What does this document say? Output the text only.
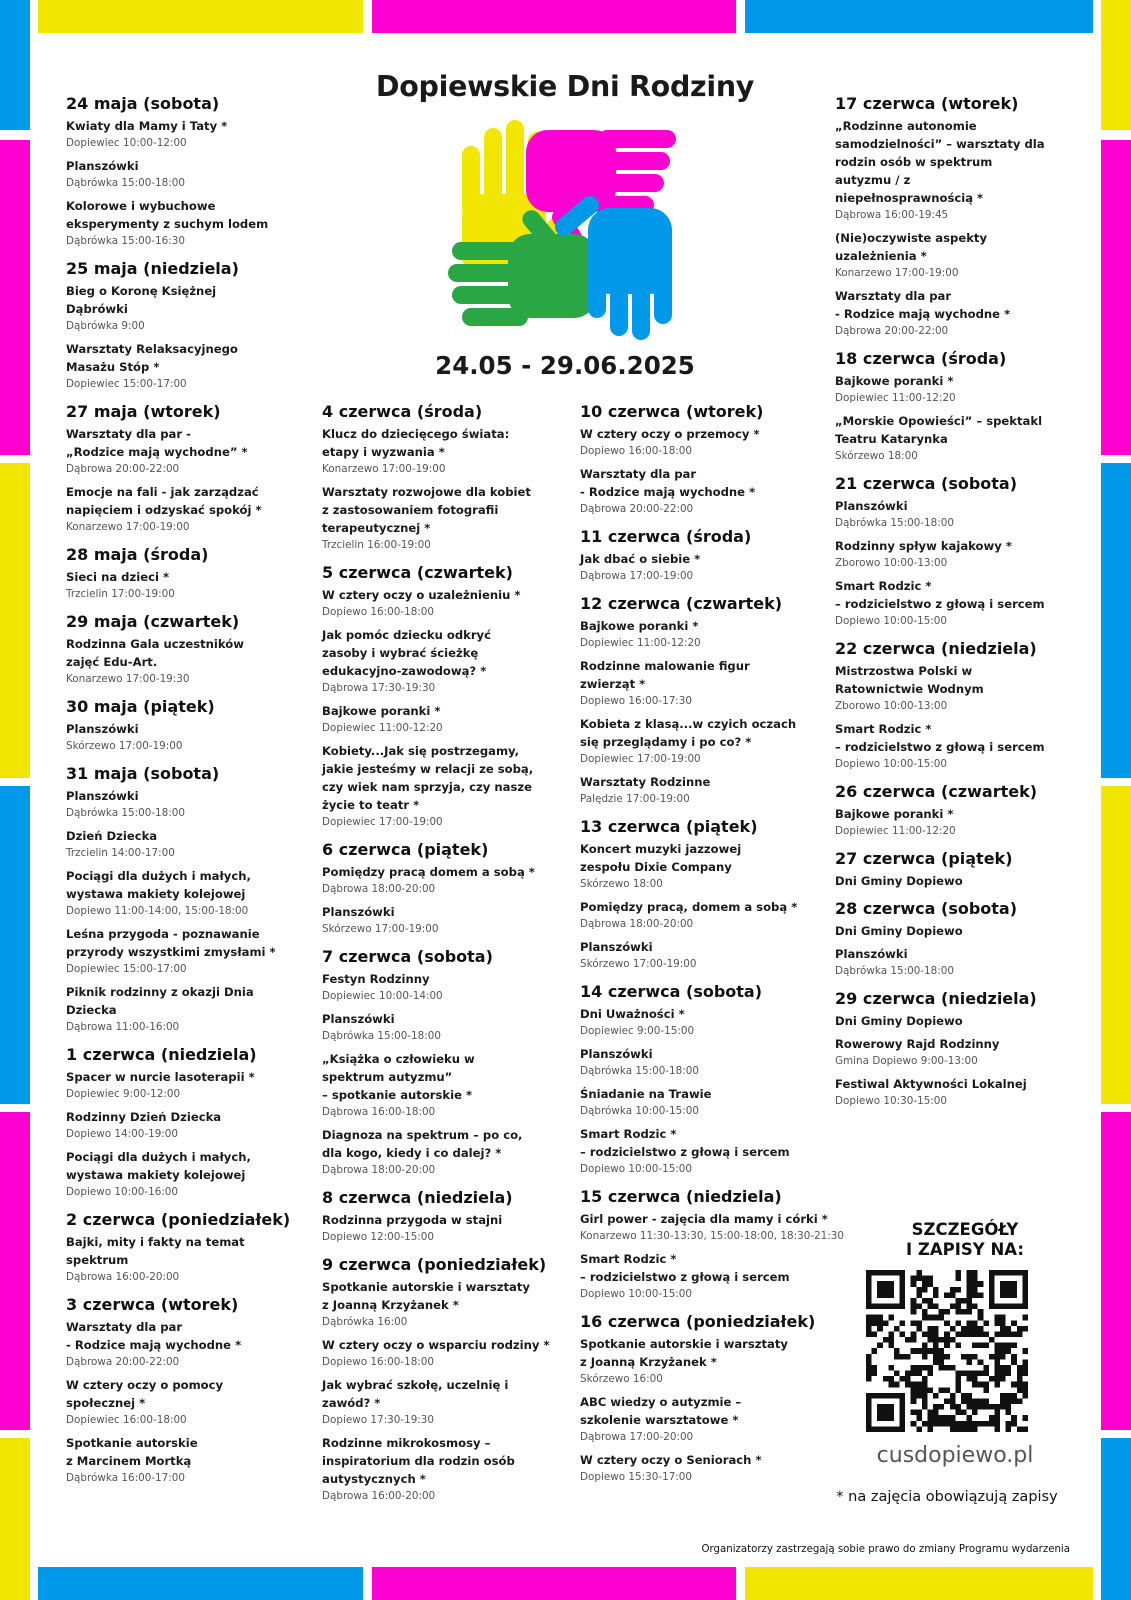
Dopiewskie Dni Rodziny
24.05 - 29.06.2025
24 maja (sobota)
Kwiaty dla Mamy i Taty *
Dopiewiec 10:00-12:00
Planszówki
Dąbrówka 15:00-18:00
Kolorowe i wybuchowe
eksperymenty z suchym lodem
Dąbrówka 15:00-16:30
25 maja (niedziela)
Bieg o Koronę Księżnej
Dąbrówki
Dąbrówka 9:00
Warsztaty Relaksacyjnego
Masażu Stóp *
Dopiewiec 15:00-17:00
27 maja (wtorek)
Warsztaty dla par -
„Rodzice mają wychodne” *
Dąbrowa 20:00-22:00
Emocje na fali - jak zarządzać
napięciem i odzyskać spokój *
Konarzewo 17:00-19:00
28 maja (środa)
Sieci na dzieci *
Trzcielin 17:00-19:00
29 maja (czwartek)
Rodzinna Gala uczestników
zajęć Edu-Art.
Konarzewo 17:00-19:30
30 maja (piątek)
Planszówki
Skórzewo 17:00-19:00
31 maja (sobota)
Planszówki
Dąbrówka 15:00-18:00
Dzień Dziecka
Trzcielin 14:00-17:00
Pociągi dla dużych i małych,
wystawa makiety kolejowej
Dopiewo 11:00-14:00, 15:00-18:00
Leśna przygoda - poznawanie
przyrody wszystkimi zmysłami *
Dopiewiec 15:00-17:00
Piknik rodzinny z okazji Dnia
Dziecka
Dąbrowa 11:00-16:00
1 czerwca (niedziela)
Spacer w nurcie lasoterapii *
Dopiewiec 9:00-12:00
Rodzinny Dzień Dziecka
Dopiewo 14:00-19:00
Pociągi dla dużych i małych,
wystawa makiety kolejowej
Dopiewo 10:00-16:00
2 czerwca (poniedziałek)
Bajki, mity i fakty na temat
spektrum
Dąbrowa 16:00-20:00
3 czerwca (wtorek)
Warsztaty dla par
- Rodzice mają wychodne *
Dąbrowa 20:00-22:00
W cztery oczy o pomocy
społecznej *
Dopiewiec 16:00-18:00
Spotkanie autorskie
z Marcinem Mortką
Dąbrówka 16:00-17:00
4 czerwca (środa)
Klucz do dziecięcego świata:
etapy i wyzwania *
Konarzewo 17:00-19:00
Warsztaty rozwojowe dla kobiet
z zastosowaniem fotografii
terapeutycznej *
Trzcielin 16:00-19:00
5 czerwca (czwartek)
W cztery oczy o uzależnieniu *
Dopiewo 16:00-18:00
Jak pomóc dziecku odkryć
zasoby i wybrać ścieżkę
edukacyjno-zawodową? *
Dąbrowa 17:30-19:30
Bajkowe poranki *
Dopiewiec 11:00-12:20
Kobiety...Jak się postrzegamy,
jakie jesteśmy w relacji ze sobą,
czy wiek nam sprzyja, czy nasze
życie to teatr *
Dopiewiec 17:00-19:00
6 czerwca (piątek)
Pomiędzy pracą domem a sobą *
Dąbrowa 18:00-20:00
Planszówki
Skórzewo 17:00-19:00
7 czerwca (sobota)
Festyn Rodzinny
Dopiewiec 10:00-14:00
Planszówki
Dąbrówka 15:00-18:00
„Książka o człowieku w
spektrum autyzmu”
– spotkanie autorskie *
Dąbrowa 16:00-18:00
Diagnoza na spektrum – po co,
dla kogo, kiedy i co dalej? *
Dąbrowa 18:00-20:00
8 czerwca (niedziela)
Rodzinna przygoda w stajni
Dopiewo 12:00-15:00
9 czerwca (poniedziałek)
Spotkanie autorskie i warsztaty
z Joanną Krzyżanek *
Dąbrówka 16:00
W cztery oczy o wsparciu rodziny *
Dopiewo 16:00-18:00
Jak wybrać szkołę, uczelnię i
zawód? *
Dopiewo 17:30-19:30
Rodzinne mikrokosmosy –
inspiratorium dla rodzin osób
autystycznych *
Dąbrowa 16:00-20:00
10 czerwca (wtorek)
W cztery oczy o przemocy *
Dopiewo 16:00-18:00
Warsztaty dla par
- Rodzice mają wychodne *
Dąbrowa 20:00-22:00
11 czerwca (środa)
Jak dbać o siebie *
Dąbrowa 17:00-19:00
12 czerwca (czwartek)
Bajkowe poranki *
Dopiewiec 11:00-12:20
Rodzinne malowanie figur
zwierząt *
Dopiewo 16:00-17:30
Kobieta z klasą...w czyich oczach
się przeglądamy i po co? *
Dopiewiec 17:00-19:00
Warsztaty Rodzinne
Palędzie 17:00-19:00
13 czerwca (piątek)
Koncert muzyki jazzowej
zespołu Dixie Company
Skórzewo 18:00
Pomiędzy pracą, domem a sobą *
Dąbrowa 18:00-20:00
Planszówki
Skórzewo 17:00-19:00
14 czerwca (sobota)
Dni Uważności *
Dopiewiec 9:00-15:00
Planszówki
Dąbrówka 15:00-18:00
Śniadanie na Trawie
Dąbrówka 10:00-15:00
Smart Rodzic *
– rodzicielstwo z głową i sercem
Dopiewo 10:00-15:00
15 czerwca (niedziela)
Girl power - zajęcia dla mamy i córki *
Konarzewo 11:30-13:30, 15:00-18:00, 18:30-21:30
Smart Rodzic *
– rodzicielstwo z głową i sercem
Dopiewo 10:00-15:00
16 czerwca (poniedziałek)
Spotkanie autorskie i warsztaty
z Joanną Krzyżanek *
Skórzewo 16:00
ABC wiedzy o autyzmie –
szkolenie warsztatowe *
Dąbrowa 17:00-20:00
W cztery oczy o Seniorach *
Dopiewo 15:30-17:00
17 czerwca (wtorek)
„Rodzinne autonomie
samodzielności” – warsztaty dla
rodzin osób w spektrum
autyzmu / z
niepełnosprawnością *
Dąbrowa 16:00-19:45
(Nie)oczywiste aspekty
uzależnienia *
Konarzewo 17:00-19:00
Warsztaty dla par
- Rodzice mają wychodne *
Dąbrowa 20:00-22:00
18 czerwca (środa)
Bajkowe poranki *
Dopiewiec 11:00-12:20
„Morskie Opowieści” – spektakl
Teatru Katarynka
Skórzewo 18:00
21 czerwca (sobota)
Planszówki
Dąbrówka 15:00-18:00
Rodzinny spływ kajakowy *
Zborowo 10:00-13:00
Smart Rodzic *
– rodzicielstwo z głową i sercem
Dopiewo 10:00-15:00
22 czerwca (niedziela)
Mistrzostwa Polski w
Ratownictwie Wodnym
Zborowo 10:00-13:00
Smart Rodzic *
– rodzicielstwo z głową i sercem
Dopiewo 10:00-15:00
26 czerwca (czwartek)
Bajkowe poranki *
Dopiewiec 11:00-12:20
27 czerwca (piątek)
Dni Gminy Dopiewo
28 czerwca (sobota)
Dni Gminy Dopiewo
Planszówki
Dąbrówka 15:00-18:00
29 czerwca (niedziela)
Dni Gminy Dopiewo
Rowerowy Rajd Rodzinny
Gmina Dopiewo 9:00-13:00
Festiwal Aktywności Lokalnej
Dopiewo 10:30-15:00
SZCZEGÓŁY
I ZAPISY NA:
cusdopiewo.pl
* na zajęcia obowiązują zapisy
Organizatorzy zastrzegają sobie prawo do zmiany Programu wydarzenia
